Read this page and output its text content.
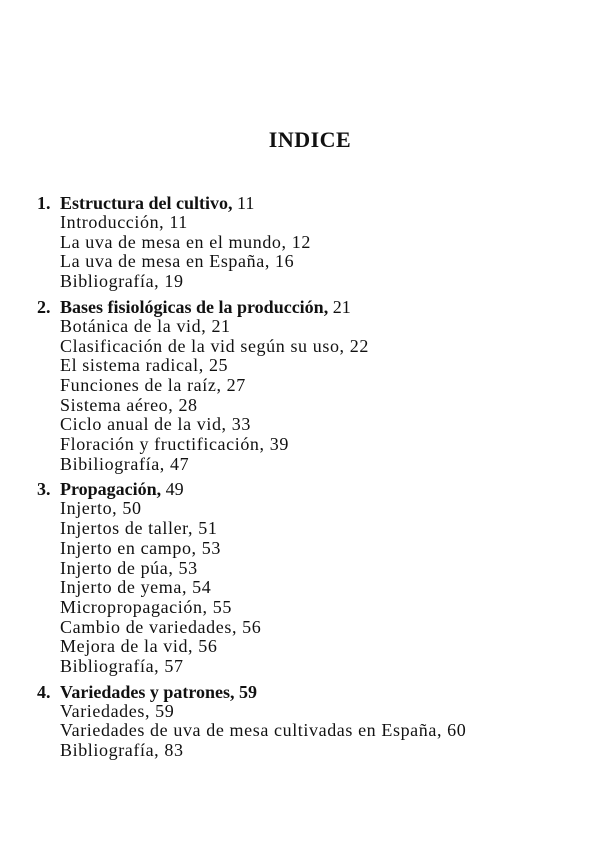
INDICE
1. Estructura del cultivo,
11
Introducción, 11
La uva de mesa en el mundo, 12
La uva de mesa en España, 16
Bibliografía, 19
2. Bases fisiológicas de la producción,
21
Botánica de la vid, 21
Clasificación de la vid según su uso, 22
El sistema radical, 25
Funciones de la raíz, 27
Sistema aéreo, 28
Ciclo anual de la vid, 33
Floración y fructificación, 39
Bibiliografía, 47
3. Propagación,
49
Injerto, 50
Injertos de taller, 51
Injerto en campo, 53
Injerto de púa, 53
Injerto de yema, 54
Micropropagación, 55
Cambio de variedades, 56
Mejora de la vid, 56
Bibliografía, 57
4. Variedades y patrones, 59
Variedades, 59
Variedades de uva de mesa cultivadas en España, 60
Bibliografía, 83
